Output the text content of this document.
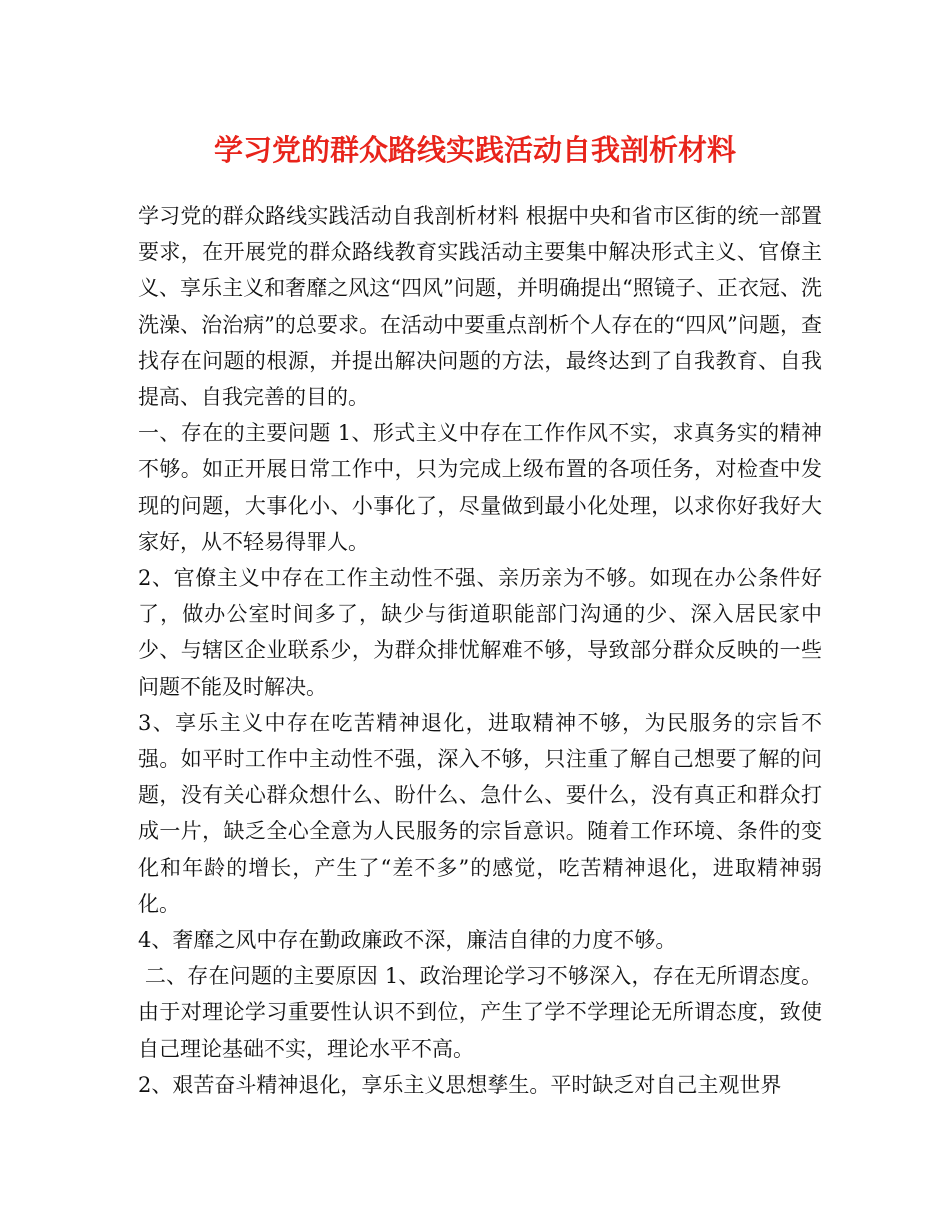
学习党的群众路线实践活动自我剖析材料

学习党的群众路线实践活动自我剖析材料 根据中央和省市区街的统一部置要求，在开展党的群众路线教育实践活动主要集中解决形式主义、官僚主义、享乐主义和奢靡之风这“四风”问题，并明确提出“照镜子、正衣冠、洗洗澡、治治病”的总要求。在活动中要重点剖析个人存在的“四风”问题，查找存在问题的根源，并提出解决问题的方法，最终达到了自我教育、自我提高、自我完善的目的。

一、存在的主要问题 1、形式主义中存在工作作风不实，求真务实的精神不够。如正开展日常工作中，只为完成上级布置的各项任务，对检查中发现的问题，大事化小、小事化了，尽量做到最小化处理，以求你好我好大家好，从不轻易得罪人。

2、官僚主义中存在工作主动性不强、亲历亲为不够。如现在办公条件好了，做办公室时间多了，缺少与街道职能部门沟通的少、深入居民家中少、与辖区企业联系少，为群众排忧解难不够，导致部分群众反映的一些问题不能及时解决。

3、享乐主义中存在吃苦精神退化，进取精神不够，为民服务的宗旨不强。如平时工作中主动性不强，深入不够，只注重了解自己想要了解的问题，没有关心群众想什么、盼什么、急什么、要什么，没有真正和群众打成一片，缺乏全心全意为人民服务的宗旨意识。随着工作环境、条件的变化和年龄的增长，产生了“差不多”的感觉，吃苦精神退化，进取精神弱化。

4、奢靡之风中存在勤政廉政不深，廉洁自律的力度不够。

二、存在问题的主要原因 1、政治理论学习不够深入，存在无所谓态度。由于对理论学习重要性认识不到位，产生了学不学理论无所谓态度，致使自己理论基础不实，理论水平不高。

2、艰苦奋斗精神退化，享乐主义思想孳生。平时缺乏对自己主观世界
